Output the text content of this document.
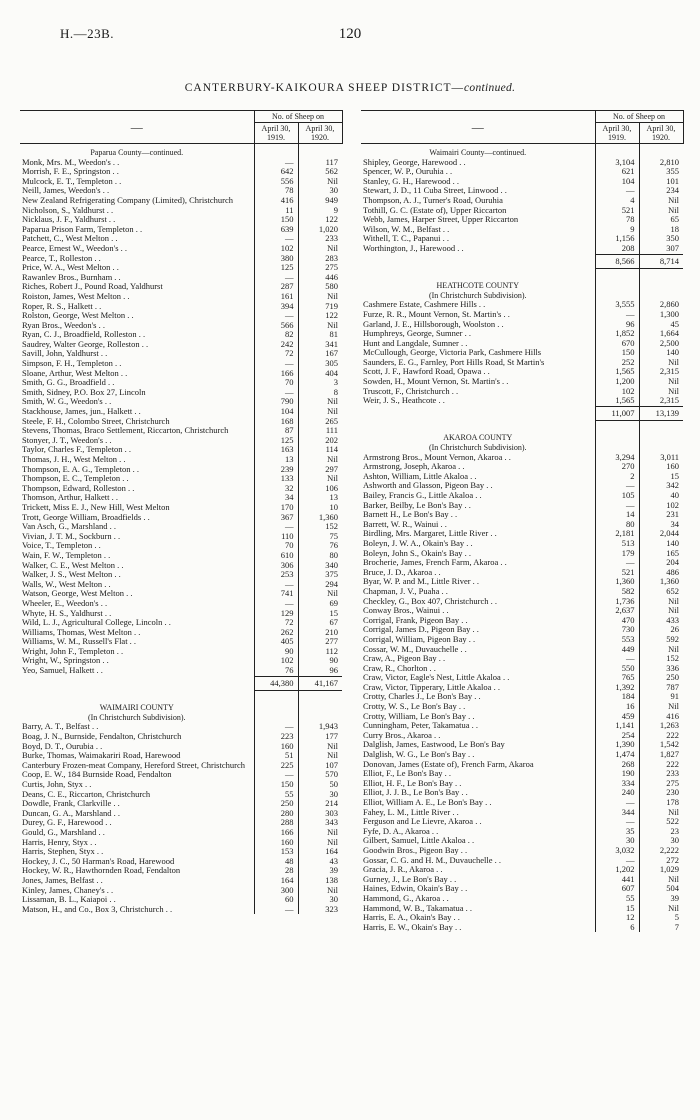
H.—23B.	120
CANTERBURY-KAIKOURA SHEEP DISTRICT—continued.
—	No. of Sheep on	
	April 30, 1919.	April 30, 1920.
Paparua County—continued.		
Monk, Mrs. M., Weedon's . .	—	117
Morrish, F. E., Springston . .	642	562
Mulcock, E. T., Templeton . .	556	Nil
Neill, James, Weedon's . .	78	30
New Zealand Refrigerating Company (Limited), Christchurch	416	949
Nicholson, S., Yaldhurst . .	11	9
Nicklaus, J. F., Yaldhurst . .	150	122
Paparua Prison Farm, Templeton . .	639	1,020
Patchett, C., West Melton . .	—	233
Pearce, Ernest W., Weedon's . .	102	Nil
Pearce, T., Rolleston . .	380	283
Price, W. A., West Melton . .	125	275
Rawanlev Bros., Burnham . .	—	446
Riches, Robert J., Pound Road, Yaldhurst	287	580
Roiston, James, West Melton . .	161	Nil
Roper, R. S., Halkett . .	394	719
Rolston, George, West Melton . .	—	122
Ryan Bros., Weedon's . .	566	Nil
Ryan, C. J., Broadfield, Rolleston . .	82	81
Saudrey, Walter George, Rolleston . .	242	341
Savill, John, Yaldhurst . .	72	167
Simpson, F. H., Templeton . .	—	305
Sloane, Arthur, West Melton . .	166	404
Smith, G. G., Broadfield . .	70	3
Smith, Sidney, P.O. Box 27, Lincoln	—	8
Smith, W. G., Weedon's . .	790	Nil
Stackhouse, James, jun., Halkett . .	104	Nil
Steele, F. H., Colombo Street, Christchurch	168	265
Stevens, Thomas, Braco Settlement, Riccarton, Christchurch	87	111
Stonyer, J. T., Weedon's . .	125	202
Taylor, Charles F., Templeton . .	163	114
Thomas, J. H., West Melton . .	13	Nil
Thompson, E. A. G., Templeton . .	239	297
Thompson, E. C., Templeton . .	133	Nil
Thompson, Edward, Rolleston . .	32	106
Thomson, Arthur, Halkett . .	34	13
Trickett, Miss E. J., New Hill, West Melton	170	10
Trott, George William, Broadfields . .	367	1,360
Van Asch, G., Marshland . .	—	152
Vivian, J. T. M., Sockburn . .	110	75
Voice, T., Templeton . .	70	76
Wain, F. W., Templeton . .	610	80
Walker, C. E., West Melton . .	306	340
Walker, J. S., West Melton . .	253	375
Walls, W., West Melton . .	—	294
Watson, George, West Melton . .	741	Nil
Wheeler, E., Weedon's . .	—	69
Whyte, H. S., Yaldhurst . .	129	15
Wild, L. J., Agricultural College, Lincoln . .	72	67
Williams, Thomas, West Melton . .	262	210
Williams, W. M., Russell's Flat . .	405	277
Wright, John F., Templeton . .	90	112
Wright, W., Springston . .	102	90
Yeo, Samuel, Halkett . .	76	96
	44,380	41,167

WAIMAIRI COUNTY		
(In Christchurch Subdivision).		
Barry, A. T., Belfast . .	—	1,943
Boag, J. N., Burnside, Fendalton, Christchurch	223	177
Boyd, D. T., Ourubia . .	160	Nil
Burke, Thomas, Waimakariri Road, Harewood	51	Nil
Canterbury Frozen-meat Company, Hereford Street, Christchurch	225	107
Coop, E. W., 184 Burnside Road, Fendalton	—	570
Curtis, John, Styx . .	150	50
Deans, C. E., Riccarton, Christchurch	55	30
Dowdle, Frank, Clarkville . .	250	214
Duncan, G. A., Marshland . .	280	303
Durey, G. F., Harewood . .	288	343
Gould, G., Marshland . .	166	Nil
Harris, Henry, Styx . .	160	Nil
Harris, Stephen, Styx . .	153	164
Hockey, J. C., 50 Harman's Road, Harewood	48	43
Hockey, W. R., Hawthornden Road, Fendalton	28	39
Jones, James, Belfast . .	164	138
Kinley, James, Chaney's . .	300	Nil
Lissaman, B. L., Kaiapoi . .	60	30
Matson, H., and Co., Box 3, Christchurch . .	—	323
—	No. of Sheep on	
	April 30, 1919.	April 30, 1920.
Waimairi County—continued.		
Shipley, George, Harewood . .	3,104	2,810
Spencer, W. P., Ouruhia . .	621	355
Stanley, G. H., Harewood . .	104	101
Stewart, J. D., 11 Cuba Street, Linwood . .	—	234
Thompson, A. J., Turner's Road, Ouruhia	4	Nil
Tothill, G. C. (Estate of), Upper Riccarton	521	Nil
Webb, James, Harper Street, Upper Riccarton	78	65
Wilson, W. M., Belfast . .	9	18
Withell, T. C., Papanui . .	1,156	350
Worthington, J., Harewood . .	208	307
	8,566	8,714

HEATHCOTE COUNTY		
(In Christchurch Subdivision).		
Cashmere Estate, Cashmere Hills . .	3,555	2,860
Furze, R. R., Mount Vernon, St. Martin's . .	—	1,300
Garland, J. E., Hillsborough, Woolston . .	96	45
Humphreys, George, Sumner . .	1,852	1,664
Hunt and Langdale, Sumner . .	670	2,500
McCullough, George, Victoria Park, Cashmere Hills	150	140
Saunders, E. G., Farnley, Port Hills Road, St Martin's	252	Nil
Scott, J. F., Hawford Road, Opawa . .	1,565	2,315
Sowden, H., Mount Vernon, St. Martin's . .	1,200	Nil
Truscott, F., Christchurch . .	102	Nil
Weir, J. S., Heathcote . .	1,565	2,315
	11,007	13,139

AKAROA COUNTY		
(In Christchurch Subdivision).		
Armstrong Bros., Mount Vernon, Akaroa . .	3,294	3,011
Armstrong, Joseph, Akaroa . .	270	160
Ashton, William, Little Akaloa . .	2	15
Ashworth and Glasson, Pigeon Bay . .	—	342
Bailey, Francis G., Little Akaloa . .	105	40
Barker, Beilby, Le Bon's Bay . .	—	102
Barnett H., Le Bon's Bay . .	14	231
Barrett, W. R., Wainui . .	80	34
Birdling, Mrs. Margaret, Little River . .	2,181	2,044
Boleyn, J. W. A., Okain's Bay . .	513	140
Boleyn, John S., Okain's Bay . .	179	165
Brocherie, James, French Farm, Akaroa . .	—	204
Bruce, J. D., Akaroa . .	521	486
Byar, W. P. and M., Little River . .	1,360	1,360
Chapman, J. V., Puaha . .	582	652
Checkley, G., Box 407, Christchurch . .	1,736	Nil
Conway Bros., Wainui . .	2,637	Nil
Corrigal, Frank, Pigeon Bay . .	470	433
Corrigal, James D., Pigeon Bay . .	730	26
Corrigal, William, Pigeon Bay . .	553	592
Cossar, W. M., Duvauchelle . .	449	Nil
Craw, A., Pigeon Bay . .	—	152
Craw, R., Chorlton . .	550	336
Craw, Victor, Eagle's Nest, Little Akaloa . .	765	250
Craw, Victor, Tipperary, Little Akaloa . .	1,392	787
Crotty, Charles J., Le Bon's Bay . .	184	91
Crotty, W. S., Le Bon's Bay . .	16	Nil
Crotty, William, Le Bon's Bay . .	459	416
Cunningham, Peter, Takamatua . .	1,141	1,263
Curry Bros., Akaroa . .	254	222
Dalglish, James, Eastwood, Le Bon's Bay	1,390	1,542
Dalglish, W. G., Le Bon's Bay . .	1,474	1,827
Donovan, James (Estate of), French Farm, Akaroa	268	222
Elliot, F., Le Bon's Bay . .	190	233
Elliot, H. F., Le Bon's Bay . .	334	275
Elliot, J. J. B., Le Bon's Bay . .	240	230
Elliot, William A. E., Le Bon's Bay . .	—	178
Fahey, L. M., Little River . .	344	Nil
Ferguson and Le Lievre, Akaroa . .	—	522
Fyfe, D. A., Akaroa . .	35	23
Gilbert, Samuel, Little Akaloa . .	30	30
Goodwin Bros., Pigeon Bay . .	3,032	2,222
Gossar, C. G. and H. M., Duvauchelle . .	—	272
Gracia, J. R., Akaroa . .	1,202	1,029
Gurney, J., Le Bon's Bay . .	441	Nil
Haines, Edwin, Okain's Bay . .	607	504
Hammond, G., Akaroa . .	55	39
Hammond, W. B., Takamatua . .	15	Nil
Harris, E. A., Okain's Bay . .	12	5
Harris, E. W., Okain's Bay . .	6	7
